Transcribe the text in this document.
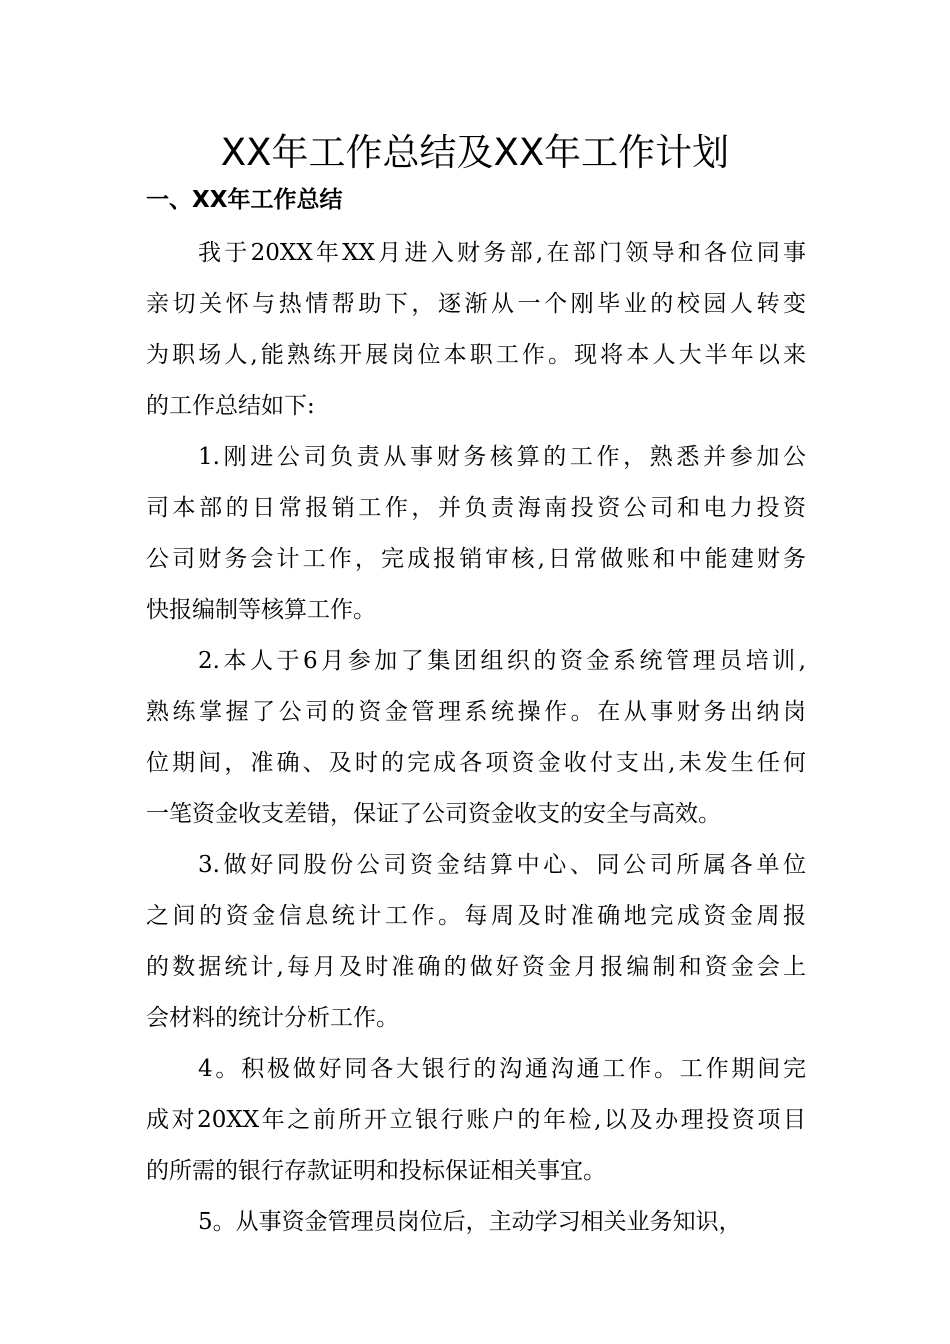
XX年工作总结及XX年工作计划
一、XX年工作总结
我于20XX年XX月进入财务部,在部门领导和各位同事
亲切关怀与热情帮助下，逐渐从一个刚毕业的校园人转变
为职场人,能熟练开展岗位本职工作。现将本人大半年以来
的工作总结如下:
1.刚进公司负责从事财务核算的工作，熟悉并参加公
司本部的日常报销工作，并负责海南投资公司和电力投资
公司财务会计工作，完成报销审核,日常做账和中能建财务
快报编制等核算工作。
2.本人于6月参加了集团组织的资金系统管理员培训,
熟练掌握了公司的资金管理系统操作。在从事财务出纳岗
位期间，准确、及时的完成各项资金收付支出,未发生任何
一笔资金收支差错，保证了公司资金收支的安全与高效。
3.做好同股份公司资金结算中心、同公司所属各单位
之间的资金信息统计工作。每周及时准确地完成资金周报
的数据统计,每月及时准确的做好资金月报编制和资金会上
会材料的统计分析工作。
4。积极做好同各大银行的沟通沟通工作。工作期间完
成对20XX年之前所开立银行账户的年检,以及办理投资项目
的所需的银行存款证明和投标保证相关事宜。
5。从事资金管理员岗位后，主动学习相关业务知识，
